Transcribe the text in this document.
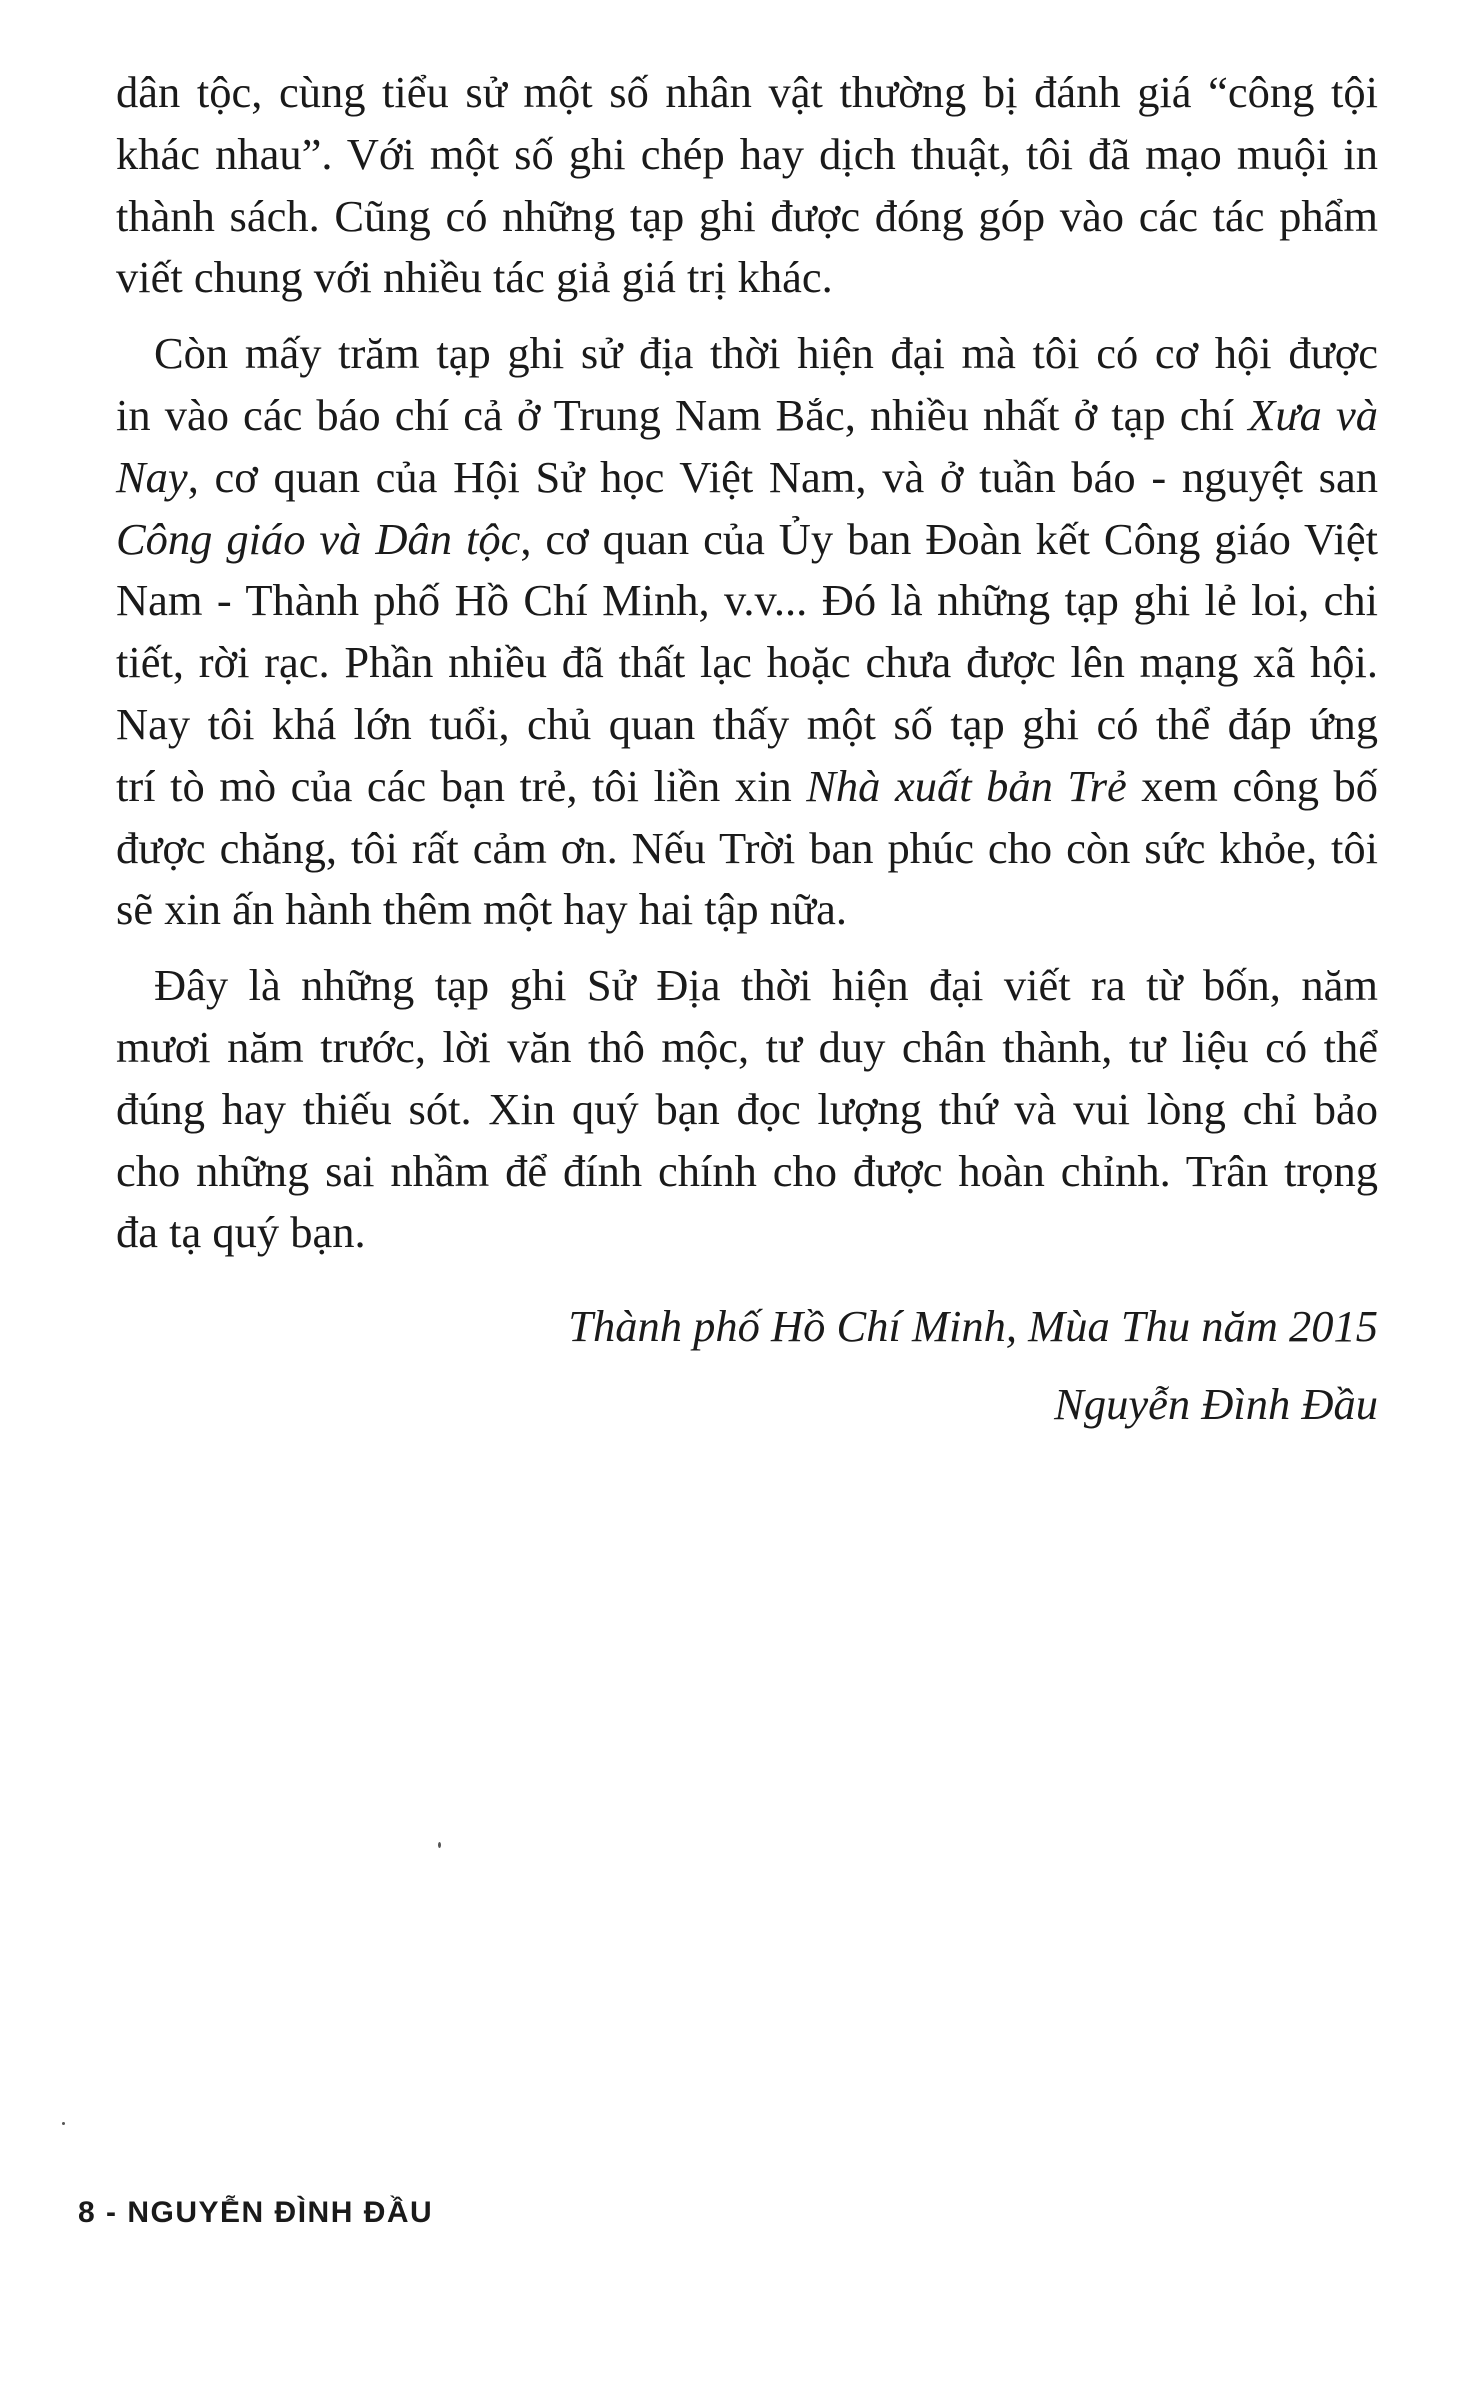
dân tộc, cùng tiểu sử một số nhân vật thường bị đánh giá “công tội
khác nhau”. Với một số ghi chép hay dịch thuật, tôi đã mạo muội in
thành sách. Cũng có những tạp ghi được đóng góp vào các tác phẩm
viết chung với nhiều tác giả giá trị khác.
Còn mấy trăm tạp ghi sử địa thời hiện đại mà tôi có cơ hội được
in vào các báo chí cả ở Trung Nam Bắc, nhiều nhất ở tạp chí Xưa và
Nay, cơ quan của Hội Sử học Việt Nam, và ở tuần báo - nguyệt san
Công giáo và Dân tộc, cơ quan của Ủy ban Đoàn kết Công giáo Việt
Nam - Thành phố Hồ Chí Minh, v.v... Đó là những tạp ghi lẻ loi, chi
tiết, rời rạc. Phần nhiều đã thất lạc hoặc chưa được lên mạng xã hội.
Nay tôi khá lớn tuổi, chủ quan thấy một số tạp ghi có thể đáp ứng
trí tò mò của các bạn trẻ, tôi liền xin Nhà xuất bản Trẻ xem công bố
được chăng, tôi rất cảm ơn. Nếu Trời ban phúc cho còn sức khỏe, tôi
sẽ xin ấn hành thêm một hay hai tập nữa.
Đây là những tạp ghi Sử Địa thời hiện đại viết ra từ bốn, năm
mươi năm trước, lời văn thô mộc, tư duy chân thành, tư liệu có thể
đúng hay thiếu sót. Xin quý bạn đọc lượng thứ và vui lòng chỉ bảo
cho những sai nhầm để đính chính cho được hoàn chỉnh. Trân trọng
đa tạ quý bạn.
Thành phố Hồ Chí Minh, Mùa Thu năm 2015
Nguyễn Đình Đầu
8 - NGUYỄN ĐÌNH ĐẦU
